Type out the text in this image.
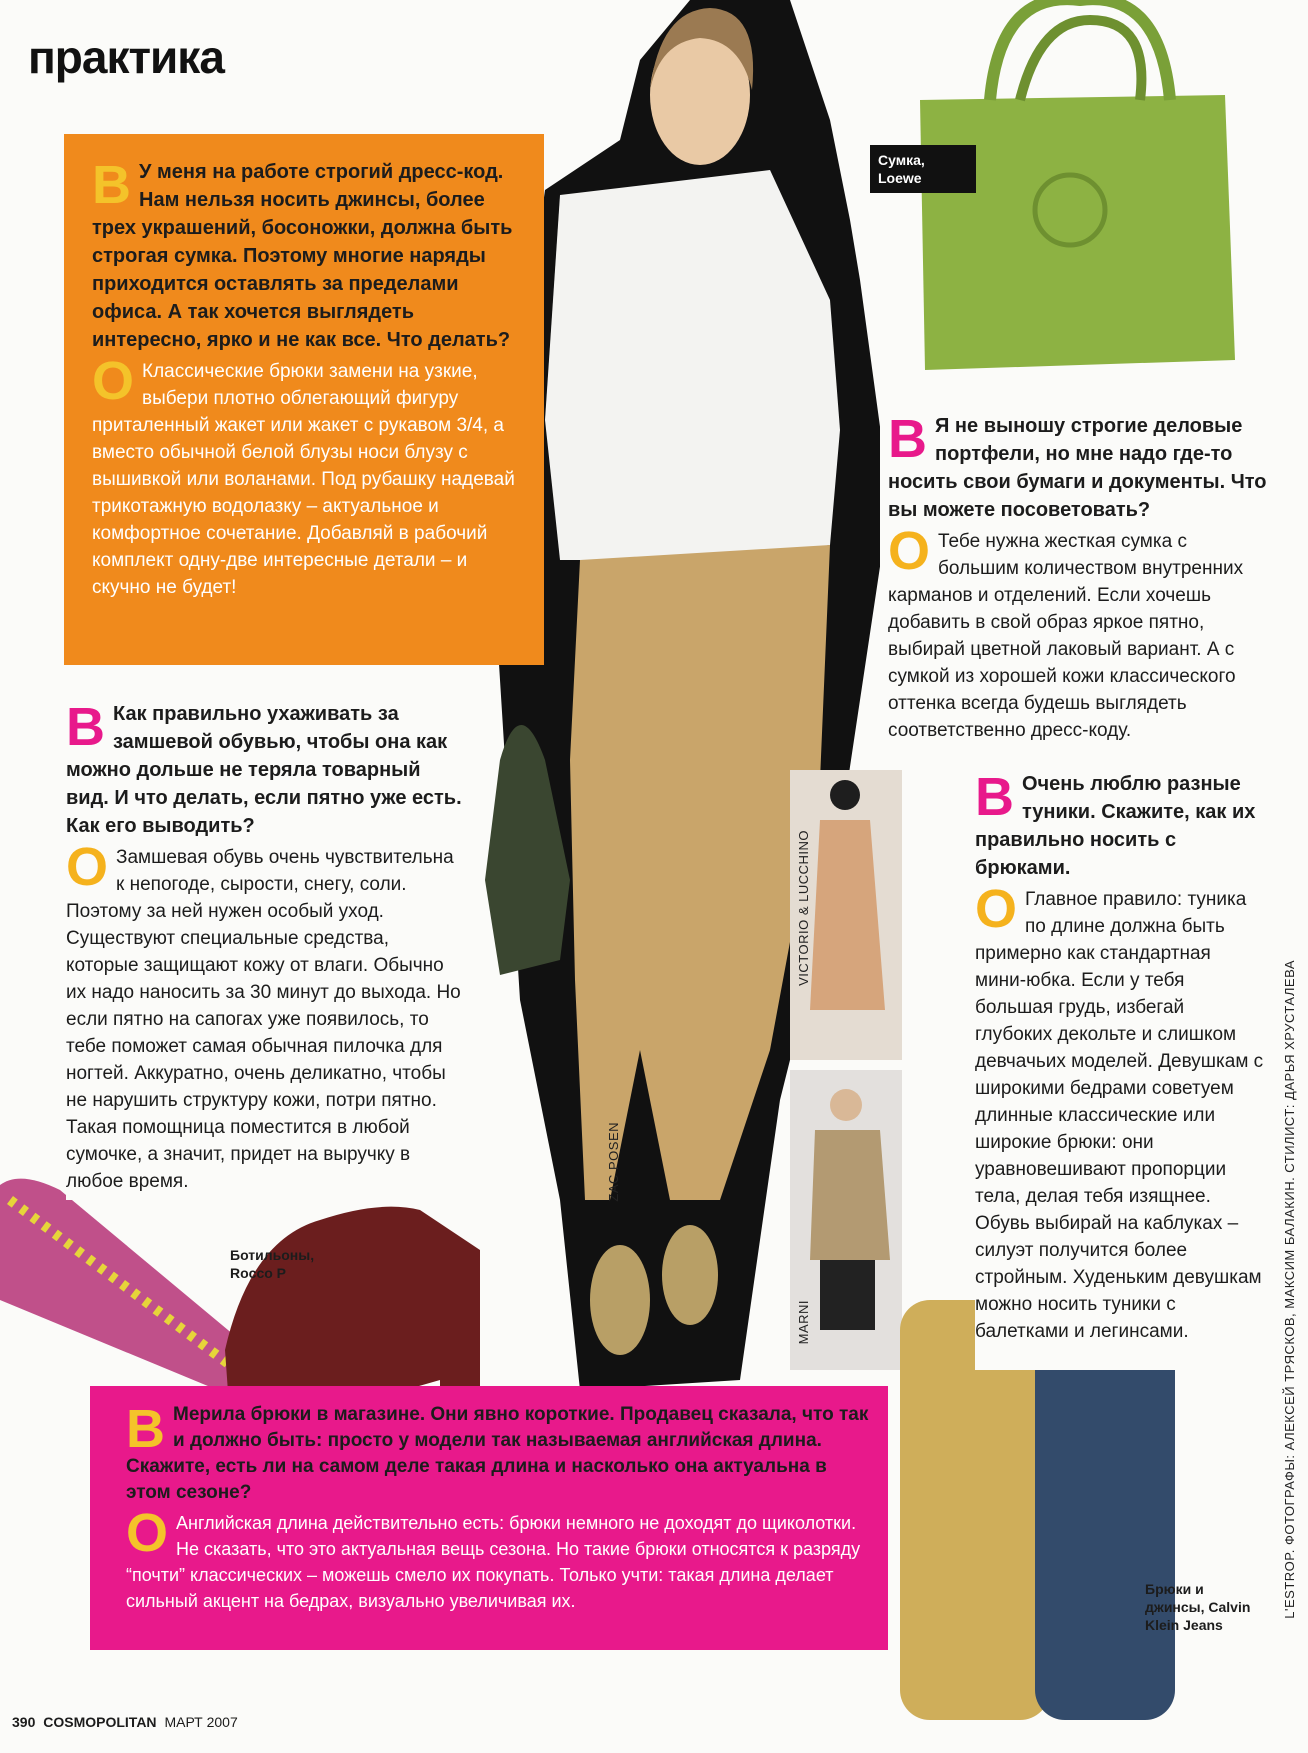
практика
В У меня на работе строгий дресс-код. Нам нельзя носить джинсы, более трех украшений, босоножки, должна быть строгая сумка. Поэтому многие наряды приходится оставлять за пределами офиса. А так хочется выглядеть интересно, ярко и не как все. Что делать?

О Классические брюки замени на узкие, выбери плотно облегающий фигуру приталенный жакет или жакет с рукавом 3/4, а вместо обычной белой блузы носи блузу с вышивкой или воланами. Под рубашку надевай трикотажную водолазку – актуальное и комфортное сочетание. Добавляй в рабочий комплект одну-две интересные детали – и скучно не будет!

В Я не выношу строгие деловые портфели, но мне надо где-то носить свои бумаги и документы. Что вы можете посоветовать?

О Тебе нужна жесткая сумка с большим количеством внутренних карманов и отделений. Если хочешь добавить в свой образ яркое пятно, выбирай цветной лаковый вариант. А с сумкой из хорошей кожи классического оттенка всегда будешь выглядеть соответственно дресс-коду.

В Как правильно ухаживать за замшевой обувью, чтобы она как можно дольше не теряла товарный вид. И что делать, если пятно уже есть. Как его выводить?

О Замшевая обувь очень чувствительна к непогоде, сырости, снегу, соли. Поэтому за ней нужен особый уход. Существуют специальные средства, которые защищают кожу от влаги. Обычно их надо наносить за 30 минут до выхода. Но если пятно на сапогах уже появилось, то тебе поможет самая обычная пилочка для ногтей. Аккуратно, очень деликатно, чтобы не нарушить структуру кожи, потри пятно. Такая помощница поместится в любой сумочке, а значит, придет на выручку в любое время.

В Очень люблю разные туники. Скажите, как их правильно носить с брюками.

О Главное правило: туника по длине должна быть примерно как стандартная мини-юбка. Если у тебя большая грудь, избегай глубоких декольте и слишком девчачьих моделей. Девушкам с широкими бедрами советуем длинные классические или широкие брюки: они уравновешивают пропорции тела, делая тебя изящнее. Обувь выбирай на каблуках – силуэт получится более стройным. Худеньким девушкам можно носить туники с балетками и легинсами.

В Мерила брюки в магазине. Они явно короткие. Продавец сказала, что так и должно быть: просто у модели так называемая английская длина. Скажите, есть ли на самом деле такая длина и насколько она актуальна в этом сезоне?

О Английская длина действительно есть: брюки немного не доходят до щиколотки. Не сказать, что это актуальная вещь сезона. Но такие брюки относятся к разряду “почти” классических – можешь смело их покупать. Только учти: такая длина делает сильный акцент на бедрах, визуально увеличивая их.

Сумка, Loewe
Ботильоны, Rocco P
Брюки и джинсы, Calvin Klein Jeans
ZAC POSEN
VICTORIO & LUCCHINO
MARNI	L'ESTROP. ФОТОГРАФЫ: АЛЕКСЕЙ ТРЯСКОВ, МАКСИМ БАЛАКИН. СТИЛИСТ: ДАРЬЯ ХРУСТАЛЕВА
390 COSMOPOLITAN МАРТ 2007
